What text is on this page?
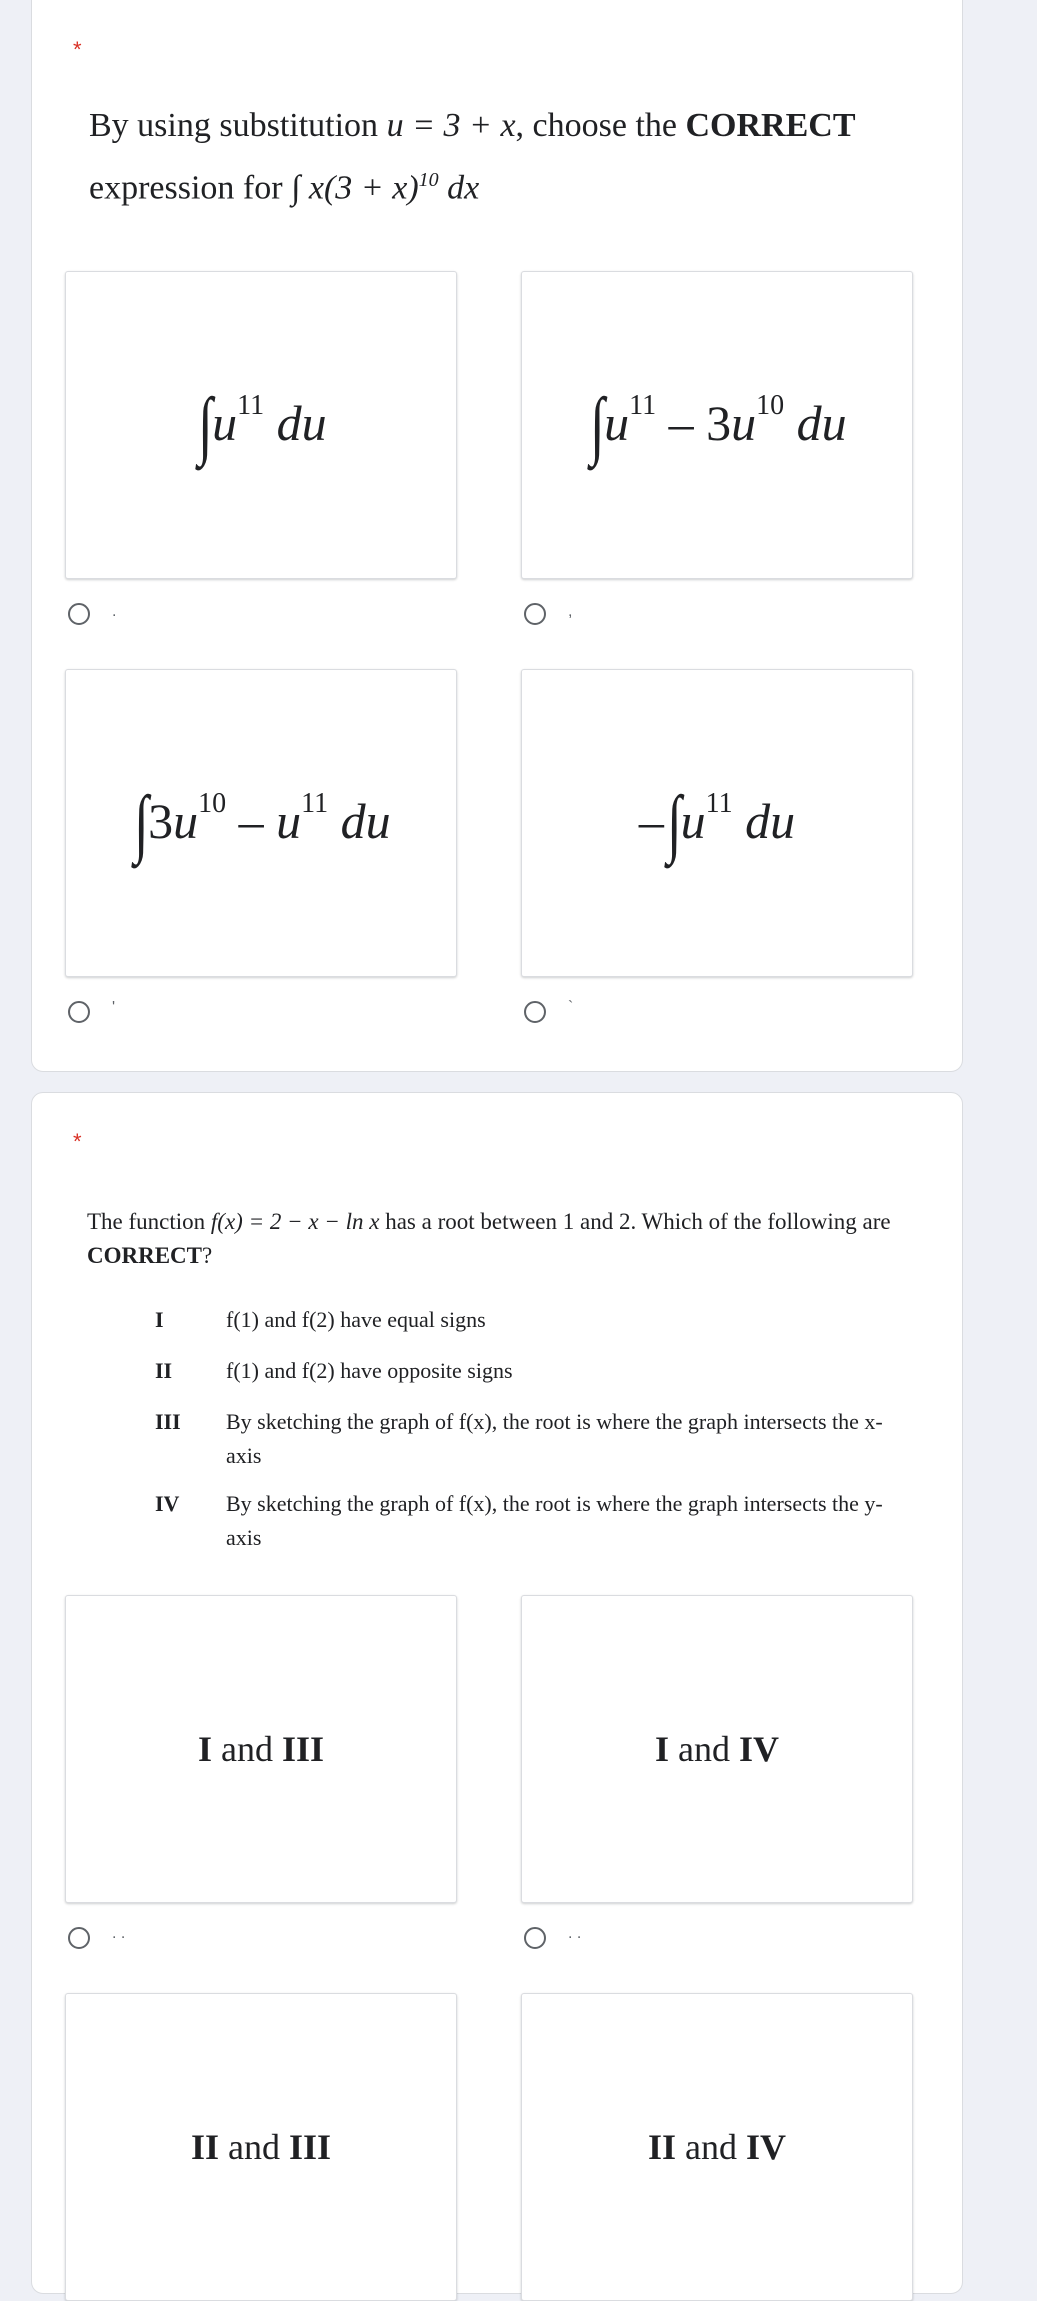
*
By using substitution u = 3 + x, choose the CORRECT
expression for ∫ $x(3 + x)^{10}$ dx
$\int u^{11}$ du	$\int u^{11} - 3u^{10}$ du
.	,
$\int 3u^{10} - u^{11}$ du	$-\int u^{11}$ du
'	`
*
The function f(x) = 2 − x − ln x has a root between 1 and 2. Which of the following are CORRECT?
I	f(1) and f(2) have equal signs
II f(1) and f(2) have opposite signs
III By sketching the graph of f(x), the root is where the graph intersects the x-axis
IV By sketching the graph of f(x), the root is where the graph intersects the y-axis
I and III	I and IV
. .	. .
II and III	II and IV
